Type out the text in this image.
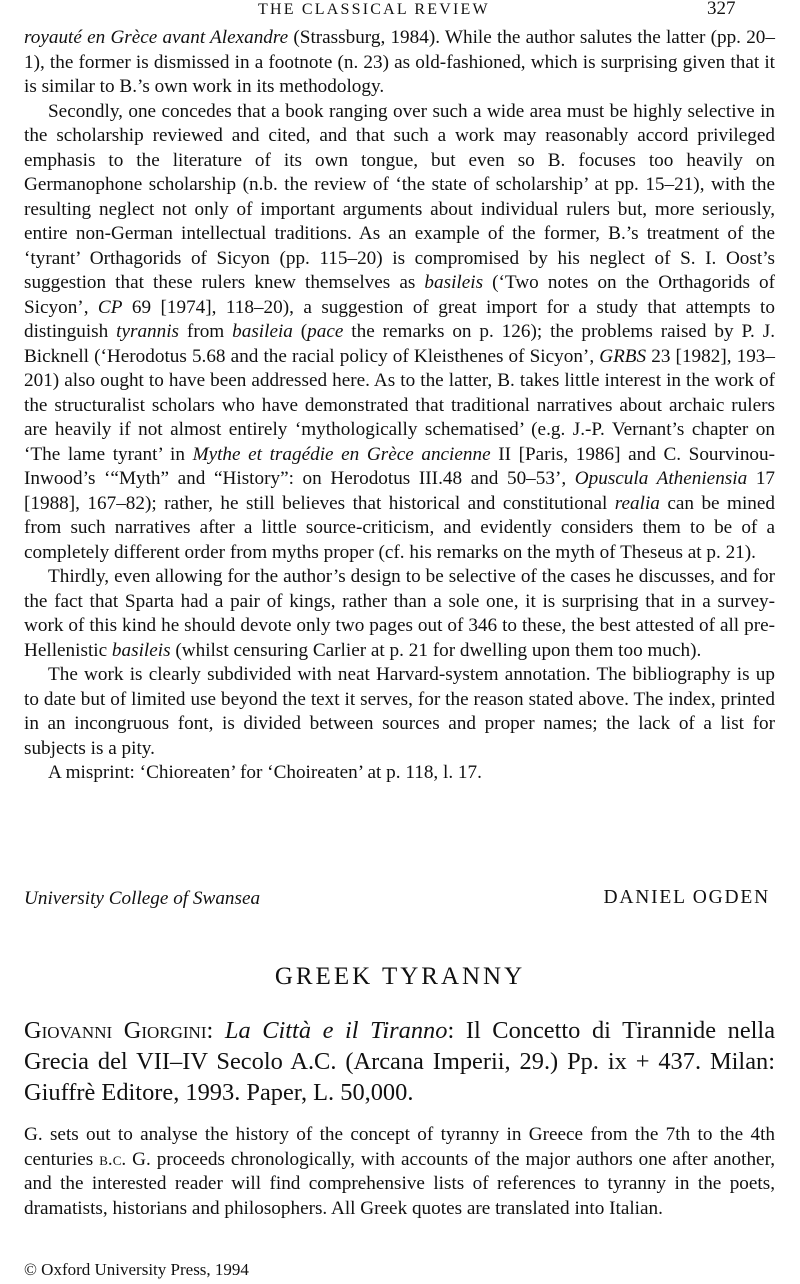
THE CLASSICAL REVIEW	327

royauté en Grèce avant Alexandre (Strassburg, 1984). While the author salutes the latter (pp. 20–1), the former is dismissed in a footnote (n. 23) as old-fashioned, which is surprising given that it is similar to B.’s own work in its methodology.

Secondly, one concedes that a book ranging over such a wide area must be highly selective in the scholarship reviewed and cited, and that such a work may reasonably accord privileged emphasis to the literature of its own tongue, but even so B. focuses too heavily on Germanophone scholarship (n.b. the review of ‘the state of scholarship’ at pp. 15–21), with the resulting neglect not only of important arguments about individual rulers but, more seriously, entire non-German intellectual traditions. As an example of the former, B.’s treatment of the ‘tyrant’ Orthagorids of Sicyon (pp. 115–20) is compromised by his neglect of S. I. Oost’s suggestion that these rulers knew themselves as basileis (‘Two notes on the Orthagorids of Sicyon’, CP 69 [1974], 118–20), a suggestion of great import for a study that attempts to distinguish tyrannis from basileia (pace the remarks on p. 126); the problems raised by P. J. Bicknell (‘Herodotus 5.68 and the racial policy of Kleisthenes of Sicyon’, GRBS 23 [1982], 193–201) also ought to have been addressed here. As to the latter, B. takes little interest in the work of the structuralist scholars who have demonstrated that traditional narratives about archaic rulers are heavily if not almost entirely ‘mythologically schematised’ (e.g. J.-P. Vernant’s chapter on ‘The lame tyrant’ in Mythe et tragédie en Grèce ancienne II [Paris, 1986] and C. Sourvinou-Inwood’s ‘“Myth” and “History”: on Herodotus III.48 and 50–53’, Opuscula Atheniensia 17 [1988], 167–82); rather, he still believes that historical and constitutional realia can be mined from such narratives after a little source-criticism, and evidently considers them to be of a completely different order from myths proper (cf. his remarks on the myth of Theseus at p. 21).

Thirdly, even allowing for the author’s design to be selective of the cases he discusses, and for the fact that Sparta had a pair of kings, rather than a sole one, it is surprising that in a survey-work of this kind he should devote only two pages out of 346 to these, the best attested of all pre-Hellenistic basileis (whilst censuring Carlier at p. 21 for dwelling upon them too much).

The work is clearly subdivided with neat Harvard-system annotation. The bibliography is up to date but of limited use beyond the text it serves, for the reason stated above. The index, printed in an incongruous font, is divided between sources and proper names; the lack of a list for subjects is a pity.

A misprint: ‘Chioreaten’ for ‘Choireaten’ at p. 118, l. 17.

University College of Swansea	DANIEL OGDEN
GREEK TYRANNY

Giovanni Giorgini: La Città e il Tiranno: Il Concetto di Tirannide nella Grecia del VII–IV Secolo A.C. (Arcana Imperii, 29.) Pp. ix + 437. Milan: Giuffrè Editore, 1993. Paper, L. 50,000.

G. sets out to analyse the history of the concept of tyranny in Greece from the 7th to the 4th centuries b.c. G. proceeds chronologically, with accounts of the major authors one after another, and the interested reader will find comprehensive lists of references to tyranny in the poets, dramatists, historians and philosophers. All Greek quotes are translated into Italian.

© Oxford University Press, 1994
